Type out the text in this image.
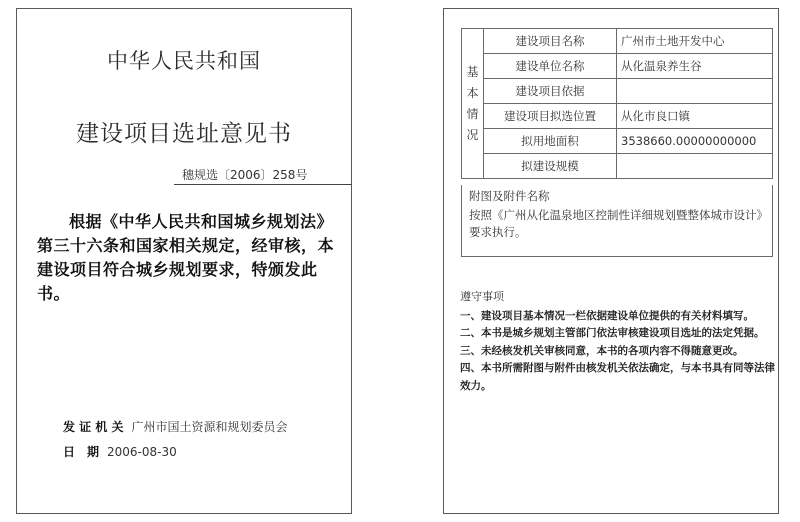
中华人民共和国
建设项目选址意见书
穗规选〔2006〕258号
根据《中华人民共和国城乡规划法》第三十六条和国家相关规定，经审核，本建设项目符合城乡规划要求，特颁发此书。
发 证 机 关 广州市国土资源和规划委员会
日　期 2006-08-30
基
本
情
况	建设项目名称	广州市土地开发中心
	建设单位名称	从化温泉养生谷
	建设项目依据	
	建设项目拟选位置	从化市良口镇
	拟用地面积	3538660.00000000000
	拟建设规模	
附图及附件名称
按照《广州从化温泉地区控制性详细规划暨整体城市设计》要求执行。
遵守事项
一、建设项目基本情况一栏依据建设单位提供的有关材料填写。
二、本书是城乡规划主管部门依法审核建设项目选址的法定凭据。
三、未经核发机关审核同意，本书的各项内容不得随意更改。
四、本书所需附图与附件由核发机关依法确定，与本书具有同等法律效力。
